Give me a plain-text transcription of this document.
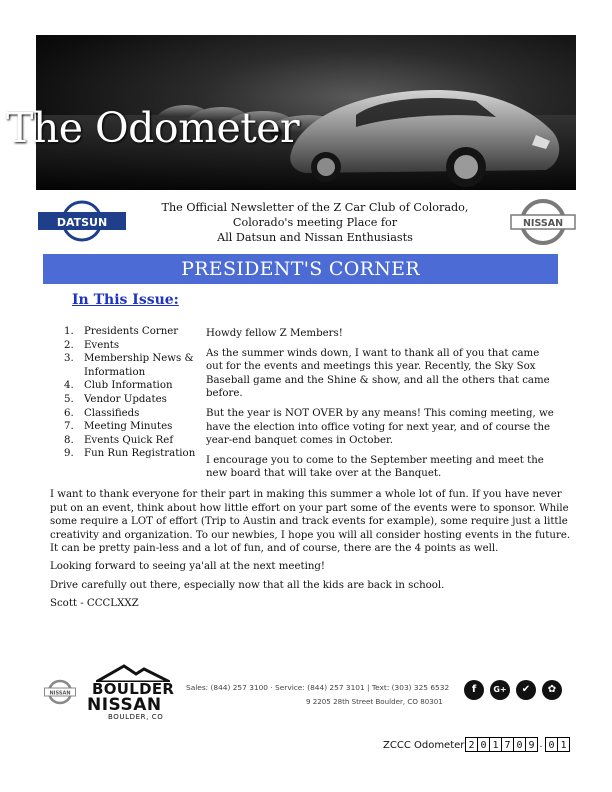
The Odometer
DATSUN
The Official Newsletter of the Z Car Club of Colorado,
Colorado's meeting Place for
All Datsun and Nissan Enthusiasts
NISSAN
PRESIDENT'S CORNER
In This Issue:
1.	Presidents Corner
2.	Events
3.	Membership News & Information
4.	Club Information
5.	Vendor Updates
6.	Classifieds
7.	Meeting Minutes
8.	Events Quick Ref
9.	Fun Run Registration

Howdy fellow Z Members!

As the summer winds down, I want to thank all of you that came out for the events and meetings this year. Recently, the Sky Sox Baseball game and the Shine & show, and all the others that came before.

But the year is NOT OVER by any means! This coming meeting, we have the election into office voting for next year, and of course the year-end banquet comes in October.

I encourage you to come to the September meeting and meet the new board that will take over at the Banquet.

I want to thank everyone for their part in making this summer a whole lot of fun. If you have never put on an event, think about how little effort on your part some of the events were to sponsor. While some require a LOT of effort (Trip to Austin and track events for example), some require just a little creativity and organization. To our newbies, I hope you will all consider hosting events in the future. It can be pretty pain-less and a lot of fun, and of course, there are the 4 points as well.

Looking forward to seeing ya'all at the next meeting!

Drive carefully out there, especially now that all the kids are back in school.

Scott - CCCLXXZ

NISSAN BOULDER
NISSAN
BOULDER, CO
Sales: (844) 257 3100 · Service: (844) 257 3101 | Text: (303) 325 6532
9 2205 28th Street Boulder, CO 80301
f	G+	✔	✿
ZCCC Odometer 2 0 1 7 0 9 . 0 1
